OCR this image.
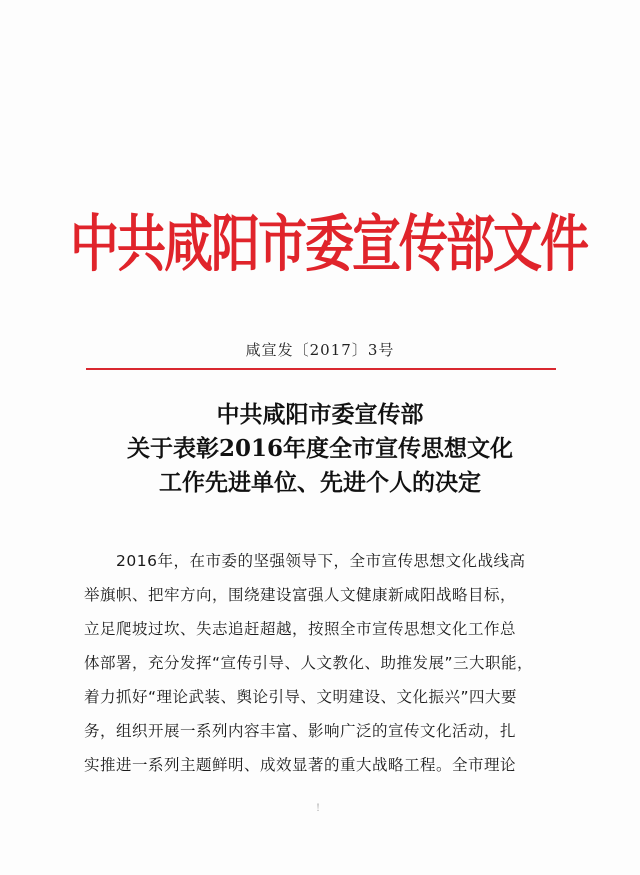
中共咸阳市委宣传部文件
咸宣发〔2017〕3号
中共咸阳市委宣传部
关于表彰2016年度全市宣传思想文化
工作先进单位、先进个人的决定
2016年，在市委的坚强领导下，全市宣传思想文化战线高
举旗帜、把牢方向，围绕建设富强人文健康新咸阳战略目标，
立足爬坡过坎、失志追赶超越，按照全市宣传思想文化工作总
体部署，充分发挥“宣传引导、人文教化、助推发展”三大职能，
着力抓好“理论武装、舆论引导、文明建设、文化振兴”四大要
务，组织开展一系列内容丰富、影响广泛的宣传文化活动，扎
实推进一系列主题鲜明、成效显著的重大战略工程。全市理论
!
